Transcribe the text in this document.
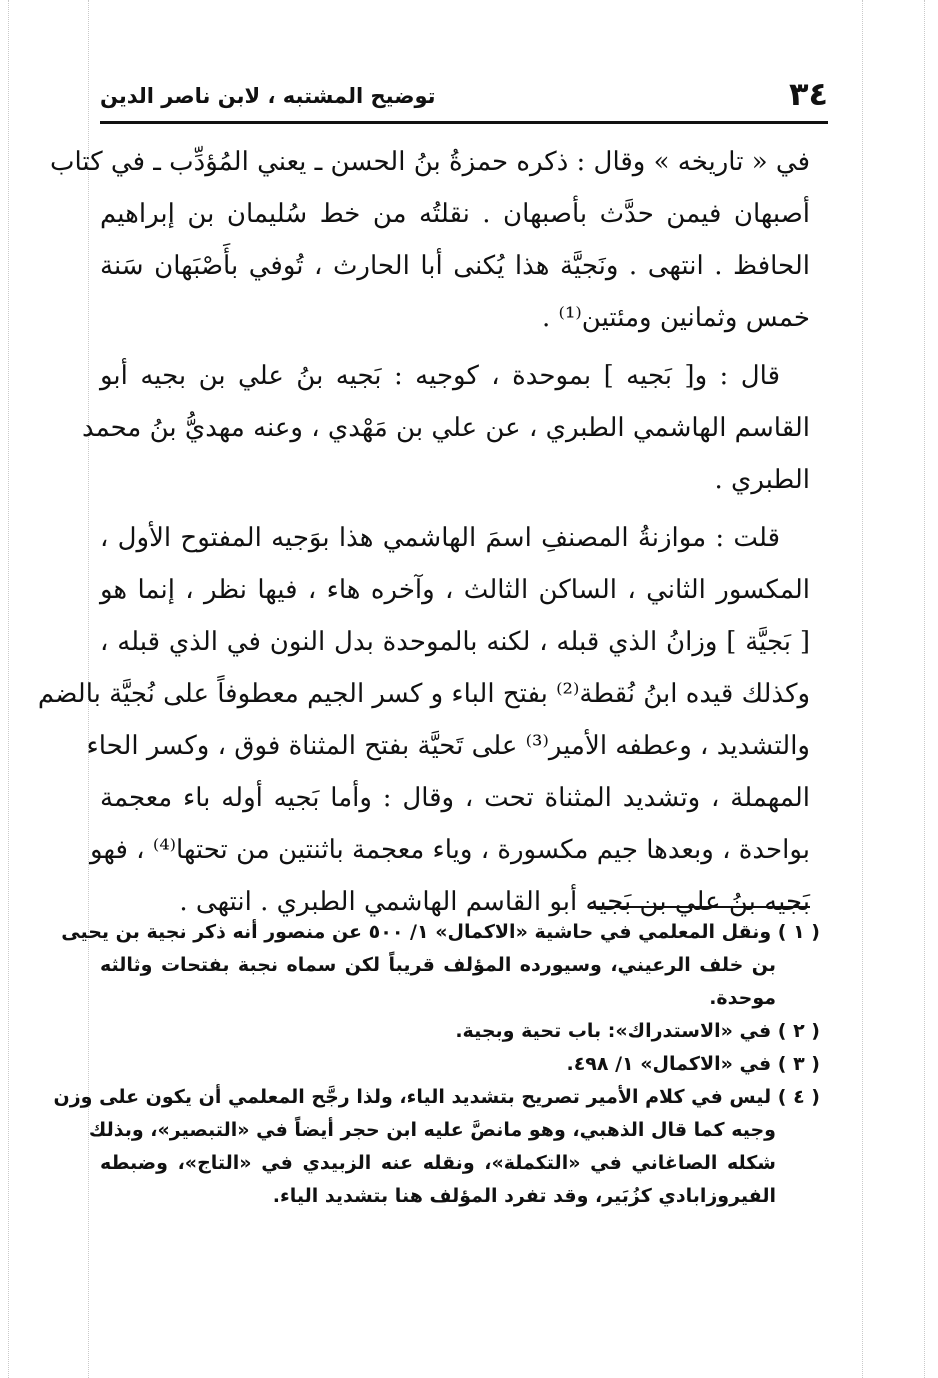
٣٤
توضيح المشتبه ، لابن ناصر الدين
في « تاريخه » وقال : ذكره حمزةُ بنُ الحسن ـ يعني المُؤدِّب ـ في كتاب
أصبهان فيمن حدَّث بأصبهان . نقلتُه من خط سُليمان بن إبراهيم
الحافظ . انتهى . ونَجيَّة هذا يُكنى أبا الحارث ، تُوفي بأَصْبَهان سَنة
خمس وثمانين ومئتين⁽¹⁾ .
قال : و[ بَجيه ] بموحدة ، كوجيه : بَجيه بنُ علي بن بجيه أبو
القاسم الهاشمي الطبري ، عن علي بن مَهْدي ، وعنه مهديُّ بنُ محمد
الطبري .
قلت : موازنةُ المصنفِ اسمَ الهاشمي هذا بوَجيه المفتوح الأول ،
المكسور الثاني ، الساكن الثالث ، وآخره هاء ، فيها نظر ، إنما هو
[ بَجيَّة ] وزانُ الذي قبله ، لكنه بالموحدة بدل النون في الذي قبله ،
وكذلك قيده ابنُ نُقطة⁽²⁾ بفتح الباء و كسر الجيم معطوفاً على نُجيَّة بالضم
والتشديد ، وعطفه الأمير⁽³⁾ على تَحيَّة بفتح المثناة فوق ، وكسر الحاء
المهملة ، وتشديد المثناة تحت ، وقال : وأما بَجيه أوله باء معجمة
بواحدة ، وبعدها جيم مكسورة ، وياء معجمة باثنتين من تحتها⁽⁴⁾ ، فهو
بَجيه بنُ علي بن بَجيه أبو القاسم الهاشمي الطبري . انتهى .
( ١ ) ونقل المعلمي في حاشية «الاكمال» ١/ ٥٠٠ عن منصور أنه ذكر نجية بن يحيى
بن خلف الرعيني، وسيورده المؤلف قريباً لكن سماه نجبة بفتحات وثالثه
موحدة.
( ٢ ) في «الاستدراك»: باب تحية وبجية.
( ٣ ) في «الاكمال» ١/ ٤٩٨.
( ٤ ) ليس في كلام الأمير تصريح بتشديد الياء، ولذا رجَّح المعلمي أن يكون على وزن
وجيه كما قال الذهبي، وهو مانصَّ عليه ابن حجر أيضاً في «التبصير»، وبذلك
شكله الصاغاني في «التكملة»، ونقله عنه الزبيدي في «التاج»، وضبطه
الفيروزابادي كزُبَير، وقد تفرد المؤلف هنا بتشديد الياء.
